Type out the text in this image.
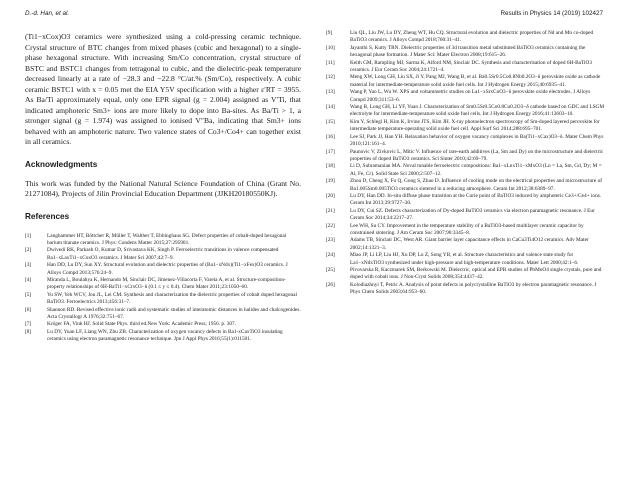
D.-d. Han, et al.	Results in Physics 14 (2019) 102427

(Ti1−xCox)O3 ceramics were synthesized using a cold-pressing ceramic technique. Crystal structure of BTC changes from mixed phases (cubic and hexagonal) to a single-phase hexagonal structure. With increasing Sm/Co concentration, crystal structure of BSTC and BSTC1 changes from tetragonal to cubic, and the dielectric-peak temperature decreased linearly at a rate of −28.3 and −22.8 °C/at.% (Sm/Co), respectively. A cubic ceramic BSTC1 with x = 0.05 met the EIA Y5V specification with a higher ε′RT = 3955. As Ba/Ti approximately equal, only one EPR signal (g = 2.004) assigned as V′Ti, that indicated amphoteric Sm3+ ions are more likely to dope into Ba-sites. As Ba/Ti > 1, a stronger signal (g = 1.974) was assigned to ionised V″Ba, indicating that Sm3+ ions behaved with an amphoteric nature. Two valence states of Co3+/Co4+ can together exist in all ceramics.

Acknowledgments

This work was funded by the National Natural Science Foundation of China (Grant No. 21271084), Projects of Jilin Provincial Education Department (JJKH20180550KJ).

References

[1]	Langhammer HT, Böttcher R, Müller T, Walther T, Ebbinghaus SG. Defect properties of cobalt-doped hexagonal barium titanate ceramics. J Phys: Condens Matter 2015;27:295901.
[2]	Dwivedi RK, Parkash O, Kumar D, Srivastava KK, Singh P. Ferroelectric transitions in valence compensated Ba1−xLaxTi1−xCoxO3 ceramics. J Mater Sci 2007;42:7–9.
[3]	Han DD, Lu DY, Sun XY. Structural evolution and dielectric properties of (Ba1−xNdx)(Ti1−xFex)O3 ceramics. J Alloys Compd 2013;576:24–9.
[4]	Miranda L, Boulahya K, Hernando M, Sinclair DC, Jimenez-Villacorta F, Varela A, et al. Structure-composition-property relationships of 6H-BaTi1−xCrxO3−δ (0.1 ≤ y ≤ 0.4). Chem Mater 2011;23:1050–60.
[5]	Yu SW, Yeh WCV, Jou JL, Lei CM. Synthesis and characterization the dielectric properties of cobalt doped hexagonal BaTiO3. Ferroelectrics 2013;456:31–7.
[6]	Shannon RD. Revised effective ionic radii and systematic studies of interatomic distances in halides and chalcogenides. Acta Crystallogr A 1976;32:751–67.
[7]	Kröger FA, Vink HJ. Solid State Phys. third ed.New York: Academic Press; 1956. p. 307.
[8]	Lu DY, Yuan LF, Liang WN, Zhu ZB. Characterization of oxygen vacancy defects in Ba1-xCaxTiO3 insulating ceramics using electron paramagnetic resonance technique. Jpn J Appl Phys 2016;55(1):011501.
[9]	Liu QL, Liu JW, Lu DY, Zheng WT, Hu CQ. Structural evolution and dielectric properties of Nd and Mn co-doped BaTiO3 ceramics. J Alloys Compd 2018;760:31–41.
[10]	Jayanthi S, Kutty TRN. Dielectric properties of 3d transition metal substituted BaTiO3 ceramics containing the hexagonal phase formation. J Mater Sci: Mater Electron 2008;19:615–26.
[11]	Keith GM, Rampling MJ, Sarma K, Alford NM, Sinclair DC. Synthesis and characterisation of doped 6H-BaTiO3 ceramics. J Eur Ceram Soc 2004;24:1721–4.
[12]	Meng XW, Long GH, Liu SX, Ji Y, Pang MJ, Wang B, et al. Ba0.5Sr0.5Co0.8Nb0.2O3−δ perovskite oxide as cathode material for intermediate-temperature solid oxide fuel cells. Int J Hydrogen Energy 2015;40:6935–41.
[13]	Wang P, Yao L, Wu W. XPS and voltammetric studies on La1−xSrxCoO3−δ perovskite oxide electrodes. J Alloys Compd 2009;311:53–6.
[14]	Wang B, Long GH, Li YF, Yuan J. Characterization of Sm0.5Sr0.5Co0.8Cu0.2O3−δ cathode based on GDC and LSGM electrolyte for intermediate-temperature solid oxide fuel cells. Int J Hydrogen Energy 2016;41:13603–10.
[15]	Kim Y, Schlegl H, Kim K, Irvine JTS, Kim JH. X-ray photoelectron spectroscopy of Sm-doped layered perovskite for intermediate temperature-operating solid oxide fuel cell. Appl Surf Sci 2014;288:695–701.
[16]	Lee SJ, Park JJ, Han YH. Relaxation behavior of oxygen vacancy complexes in Ba(Ti1−xCax)O3−δ. Mater Chem Phys 2010;121:161–4.
[17]	Paunovic V, Zivkovic L, Mitic V. Influence of rare-earth additives (La, Sm and Dy) on the microstructure and dielectric properties of doped BaTiO3 ceramics. Sci Sinter 2010;42:69–79.
[18]	Li D, Subramanian MA. Noval tunable ferroelectric compositions: Ba1−xLnxTi1−xMxO3 (Ln = La, Sm, Gd, Dy; M = Al, Fe, Cr). Solid State Sci 2000;2:507–12.
[19]	Zhou D, Cheng X, Fu Q, Gong S, Zhao D. Influence of cooling mode on the electrical properties and microstructure of Ba1.005Sm0.005TiO3 ceramics sintered in a reducing atmosphere. Ceram Int 2012;38:6389–97.
[20]	Lu DY, Han DD. In-situ diffuse phase transition at the Curie point of BaTiO3 induced by amphoteric Ce3+/Ce4+ ions. Ceram Int 2013;39:9727–30.
[21]	Lu DY, Cui SZ. Defects characterization of Dy-doped BaTiO3 ceramics via electron paramagnetic resonance. J Eur Ceram Soc 2014;34:2217–27.
[22]	Lee WH, Su CY. Improvement in the temperature stability of a BaTiO3-based multilayer ceramic capacitor by constrained sintering. J Am Ceram Soc 2007;90:3345–8.
[23]	Adams TB, Sinclair DC, West AR. Giant barrier layer capacitance effects in CaCu3Ti4O12 ceramics. Adv Mater 2002;14:1321–3.
[24]	Miao JP, Li LP, Liu HJ, Xu DP, Lu Z, Song YB, et al. Structure characteristics and valence state study for La1−xNdxTiO3 synthesized under high-pressure and high-temperature conditions. Mater Lett 2000;42:1–6.
[25]	Pivovarska R, Kaczmarek SM, Berkowski M. Dielectric, optical and EPR studies of PbMoO4 single crystals, pure and doped with cobalt ions. J Non-Cryst Solids 2008;354:4437–42.
[26]	Kolodiazhnyi T, Petric A. Analysis of point defects in polycrystalline BaTiO3 by electron paramagnetic resonance. J Phys Chem Solids 2003;64:953–60.
